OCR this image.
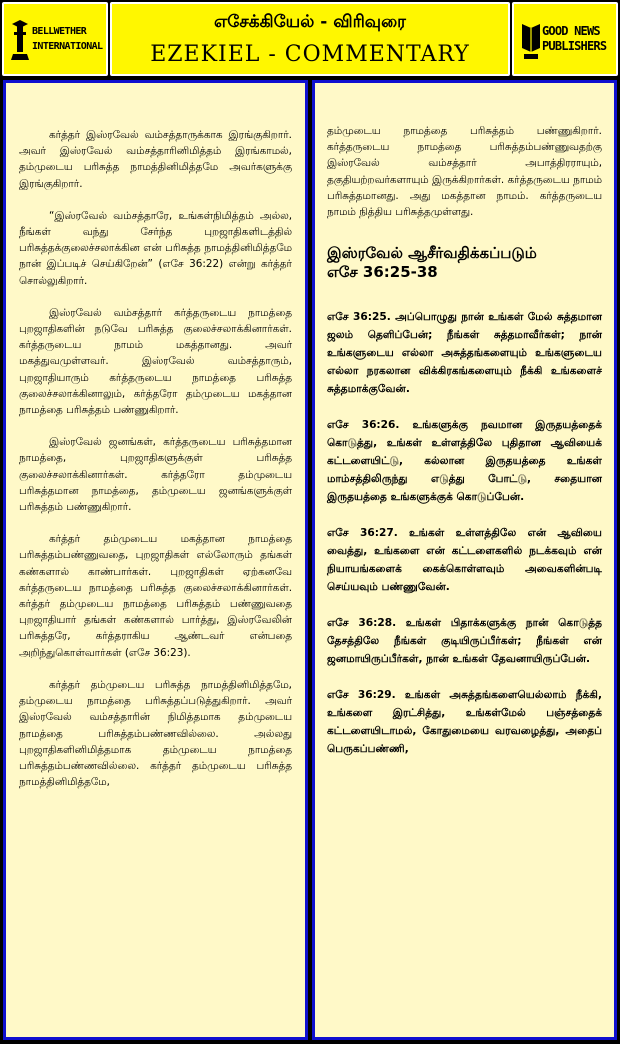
BELLWETHER
INTERNATIONAL
எசேக்கியேல் - விரிவுரை
EZEKIEL - COMMENTARY
GOOD NEWS
PUBLISHERS

கர்த்தர் இஸ்ரவேல் வம்சத்தாருக்காக இரங்குகிறார். அவர் இஸ்ரவேல் வம்சத்தாரினிமித்தம் இரங்காமல், தம்முடைய பரிசுத்த நாமத்தினிமித்தமே அவர்களுக்கு இரங்குகிறார்.

“இஸ்ரவேல் வம்சத்தாரே, உங்கள்நிமித்தம் அல்ல, நீங்கள் வந்து சேர்ந்த புறஜாதிகளிடத்தில் பரிசுத்தக்குலைச்சலாக்கின என் பரிசுத்த நாமத்தினிமித்தமே நான் இப்படிச் செய்கிறேன்” (எசே 36:22) என்று கர்த்தர் சொல்லுகிறார்.

இஸ்ரவேல் வம்சத்தார் கர்த்தருடைய நாமத்தை புறஜாதிகளின் நடுவே பரிசுத்த குலைச்சலாக்கினார்கள். கர்த்தருடைய நாமம் மகத்தானது. அவர் மகத்துவமுள்ளவர். இஸ்ரவேல் வம்சத்தாரும், புறஜாதியாரும் கர்த்தருடைய நாமத்தை பரிசுத்த குலைச்சலாக்கினாலும், கர்த்தரோ தம்முடைய மகத்தான நாமத்தை பரிசுத்தம் பண்ணுகிறார்.

இஸ்ரவேல் ஜனங்கள், கர்த்தருடைய பரிசுத்தமான நாமத்தை, புறஜாதிகளுக்குள் பரிசுத்த குலைச்சலாக்கினார்கள். கர்த்தரோ தம்முடைய பரிசுத்தமான நாமத்தை, தம்முடைய ஜனங்களுக்குள் பரிசுத்தம் பண்ணுகிறார்.

கர்த்தர் தம்முடைய மகத்தான நாமத்தை பரிசுத்தம்பண்ணுவதை, புறஜாதிகள் எல்லோரும் தங்கள் கண்களால் காண்பார்கள். புறஜாதிகள் ஏற்கனவே கர்த்தருடைய நாமத்தை பரிசுத்த குலைச்சலாக்கினார்கள். கர்த்தர் தம்முடைய நாமத்தை பரிசுத்தம் பண்ணுவதை புறஜாதியார் தங்கள் கண்களால் பார்த்து, இஸ்ரவேலின் பரிசுத்தரே, கர்த்தராகிய ஆண்டவர் என்பதை அறிந்துகொள்வார்கள் (எசே 36:23).

கர்த்தர் தம்முடைய பரிசுத்த நாமத்தினிமித்தமே, தம்முடைய நாமத்தை பரிசுத்தப்படுத்துகிறார். அவர் இஸ்ரவேல் வம்சத்தாரின் நிமித்தமாக தம்முடைய நாமத்தை பரிசுத்தம்பண்ணவில்லை. அல்லது புறஜாதிகளினிமித்தமாக தம்முடைய நாமத்தை பரிசுத்தம்பண்ணவில்லை. கர்த்தர் தம்முடைய பரிசுத்த நாமத்தினிமித்தமே,

தம்முடைய நாமத்தை பரிசுத்தம் பண்ணுகிறார். கர்த்தருடைய நாமத்தை பரிசுத்தம்பண்ணுவதற்கு இஸ்ரவேல் வம்சத்தார் அபாத்திரராயும், தகுதியற்றவர்களாயும் இருக்கிறார்கள். கர்த்தருடைய நாமம் பரிசுத்தமானது. அது மகத்தான நாமம். கர்த்தருடைய நாமம் நித்திய பரிசுத்தமுள்ளது.

இஸ்ரவேல் ஆசீர்வதிக்கப்படும்
எசே 36:25-38

எசே 36:25. அப்பொழுது நான் உங்கள் மேல் சுத்தமான ஜலம் தெளிப்பேன்; நீங்கள் சுத்தமாவீர்கள்; நான் உங்களுடைய எல்லா அசுத்தங்களையும் உங்களுடைய எல்லா நரகலான விக்கிரகங்களையும் நீக்கி உங்களைச் சுத்தமாக்குவேன்.

எசே 36:26. உங்களுக்கு நவமான இருதயத்தைக் கொடுத்து, உங்கள் உள்ளத்திலே புதிதான ஆவியைக் கட்டளையிட்டு, கல்லான இருதயத்தை உங்கள் மாம்சத்திலிருந்து எடுத்து போட்டு, சதையான இருதயத்தை உங்களுக்குக் கொடுப்பேன்.

எசே 36:27. உங்கள் உள்ளத்திலே என் ஆவியை வைத்து, உங்களை என் கட்டளைகளில் நடக்கவும் என் நியாயங்களைக் கைக்கொள்ளவும் அவைகளின்படி செய்யவும் பண்ணுவேன்.

எசே 36:28. உங்கள் பிதாக்களுக்கு நான் கொடுத்த தேசத்திலே நீங்கள் குடியிருப்பீர்கள்; நீங்கள் என் ஜனமாயிருப்பீர்கள், நான் உங்கள் தேவனாயிருப்பேன்.

எசே 36:29. உங்கள் அசுத்தங்களையெல்லாம் நீக்கி, உங்களை இரட்சித்து, உங்கள்மேல் பஞ்சத்தைக் கட்டளையிடாமல், கோதுமையை வரவழைத்து, அதைப் பெருகப்பண்ணி,
